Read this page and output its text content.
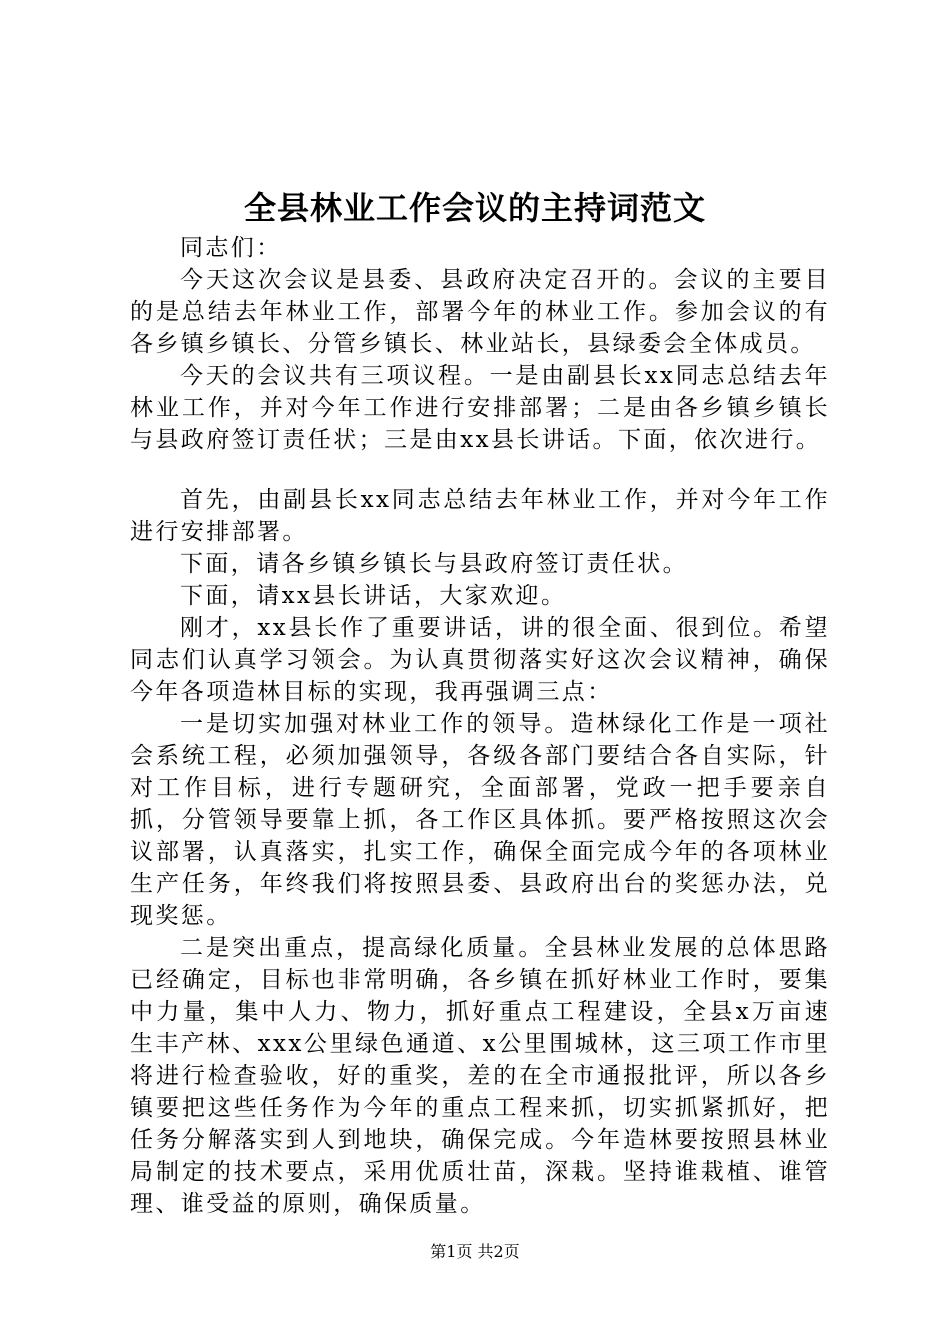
全县林业工作会议的主持词范文

同志们：

今天这次会议是县委、县政府决定召开的。会议的主要目的是总结去年林业工作，部署今年的林业工作。参加会议的有各乡镇乡镇长、分管乡镇长、林业站长，县绿委会全体成员。

今天的会议共有三项议程。一是由副县长xx同志总结去年林业工作，并对今年工作进行安排部署；二是由各乡镇乡镇长与县政府签订责任状；三是由xx县长讲话。下面，依次进行。

首先，由副县长xx同志总结去年林业工作，并对今年工作进行安排部署。

下面，请各乡镇乡镇长与县政府签订责任状。

下面，请xx县长讲话，大家欢迎。

刚才，xx县长作了重要讲话，讲的很全面、很到位。希望同志们认真学习领会。为认真贯彻落实好这次会议精神，确保今年各项造林目标的实现，我再强调三点：

一是切实加强对林业工作的领导。造林绿化工作是一项社会系统工程，必须加强领导，各级各部门要结合各自实际，针对工作目标，进行专题研究，全面部署，党政一把手要亲自抓，分管领导要靠上抓，各工作区具体抓。要严格按照这次会议部署，认真落实，扎实工作，确保全面完成今年的各项林业生产任务，年终我们将按照县委、县政府出台的奖惩办法，兑现奖惩。

二是突出重点，提高绿化质量。全县林业发展的总体思路已经确定，目标也非常明确，各乡镇在抓好林业工作时，要集中力量，集中人力、物力，抓好重点工程建设，全县x万亩速生丰产林、xxx公里绿色通道、x公里围城林，这三项工作市里将进行检查验收，好的重奖，差的在全市通报批评，所以各乡镇要把这些任务作为今年的重点工程来抓，切实抓紧抓好，把任务分解落实到人到地块，确保完成。今年造林要按照县林业局制定的技术要点，采用优质壮苗，深栽。坚持谁栽植、谁管理、谁受益的原则，确保质量。

第1页 共2页
